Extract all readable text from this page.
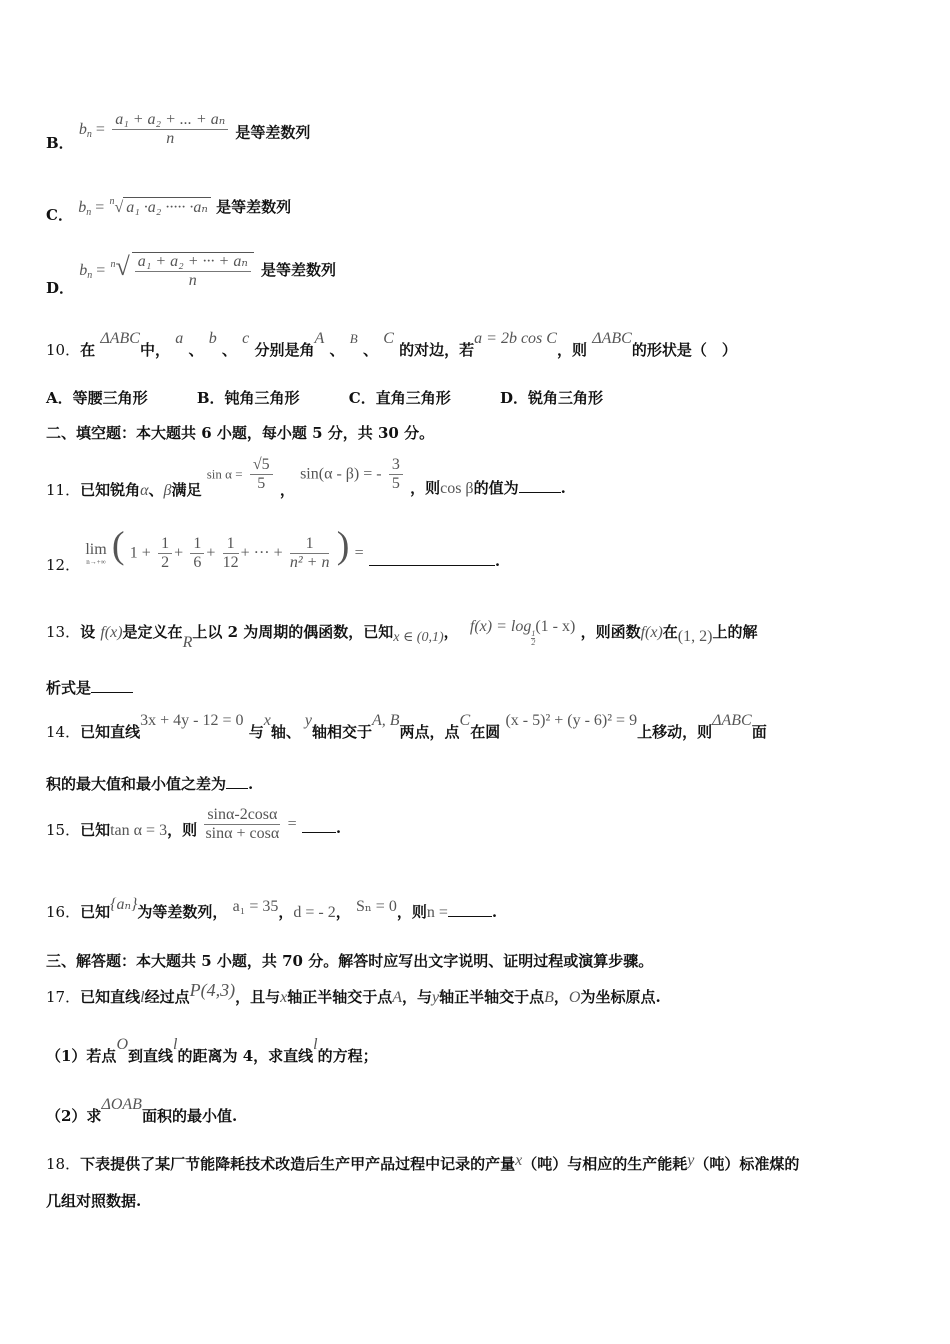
B． $b_n = \frac{\text{a₁ + a₂ + ... + aₙ}}{n}$ 是等差数列
C． $b_n = ^n√$ a₁ ·a₂ ····· ·aₙ 是等差数列
D． $b_n = ^n√ \frac{\text{a₁ + a₂ + ··· + aₙ}}{n}$ 是等差数列
10．在 ΔABC中， a 、 b 、 c 分别是角A 、 B 、 C 的对边，若a = 2b cos C，则 ΔABC的形状是（　）
A．等腰三角形	B．钝角三角形	C．直角三角形	D．锐角三角形
二、填空题：本大题共 6 小题，每小题 5 分，共 30 分。
11．已知锐角α、β满足 $\sin \alpha = \frac{√5}{5}$ ， sin(α - β) = - $\frac{3}{5}$ ，则cos β的值为	.
12．
lim
n→+∞ ( $1 + \frac{1}{2} + \frac{1}{6} + \frac{1}{12}$ + ··· + $\frac{1}{\text{n² + n}}$ ) =	.
13．设 f(x)是定义在R上以 2 为周期的偶函数，已知x ∈ (0,1)， f(x) = log
$\frac{1}{2}$
(1 - x) ，则函数f(x)在(1, 2)上的解
析式是
14．已知直线3x + 4y - 12 = 0 与x轴、y轴相交于A, B两点，点C在圆 (x - 5)² + (y - 6)² = 9上移动，则ΔABC面
积的最大值和最小值之差为 .
15．已知tan α = 3，则 $\frac{\sin\alpha-2\cos\alpha}{\sin\alpha + \cos\alpha}$ =	.
16．已知{aₙ}为等差数列， a₁ = 35，d = - 2， Sₙ = 0，则n =	.
三、解答题：本大题共 5 小题，共 70 分。解答时应写出文字说明、证明过程或演算步骤。
17．已知直线l经过点P(4,3)，且与x轴正半轴交于点A，与y轴正半轴交于点B，O为坐标原点.
（1）若点O到直线l的距离为 4，求直线l的方程；
（2）求ΔOAB面积的最小值.
18．下表提供了某厂节能降耗技术改造后生产甲产品过程中记录的产量x（吨）与相应的生产能耗y（吨）标准煤的
几组对照数据.
